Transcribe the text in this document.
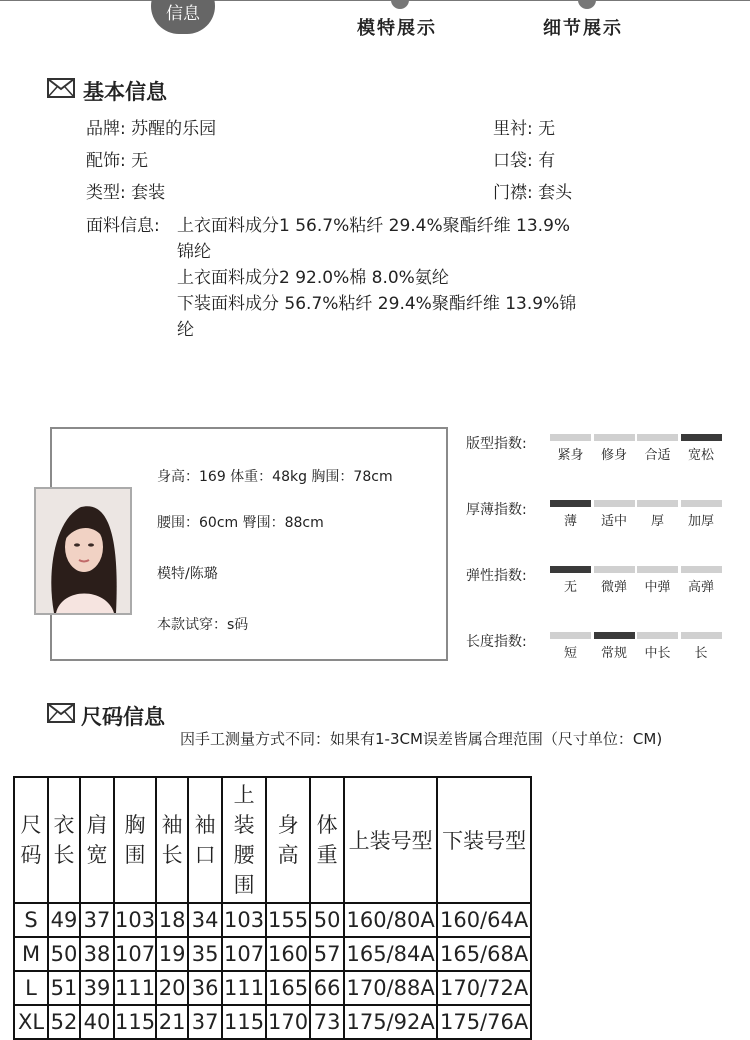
信息
模特展示	细节展示
基本信息
品牌: 苏醒的乐园	里衬: 无
配饰: 无	口袋: 有
类型: 套装	门襟: 套头
面料信息: 上衣面料成分1 56.7%粘纤 29.4%聚酯纤维 13.9%
锦纶
上衣面料成分2 92.0%棉 8.0%氨纶
下装面料成分 56.7%粘纤 29.4%聚酯纤维 13.9%锦
纶
身高：169 体重：48kg 胸围：78cm
腰围：60cm 臀围：88cm
模特/陈璐
本款试穿：s码
版型指数:
厚薄指数:
弹性指数:
长度指数:
紧身	修身	合适	宽松
薄	适中	厚	加厚
无	微弹	中弹	高弹
短	常规	中长	长
尺码信息
因手工测量方式不同：如果有1-3CM误差皆属合理范围（尺寸单位：CM)
尺码	衣长	肩宽	胸围	袖长	袖口	上装腰围	身高	体重	上装号型	下装号型
S	49	37	103	18	34	103	155	50	160/80A	160/64A
M	50	38	107	19	35	107	160	57	165/84A	165/68A
L	51	39	111	20	36	111	165	66	170/88A	170/72A
XL	52	40	115	21	37	115	170	73	175/92A	175/76A
